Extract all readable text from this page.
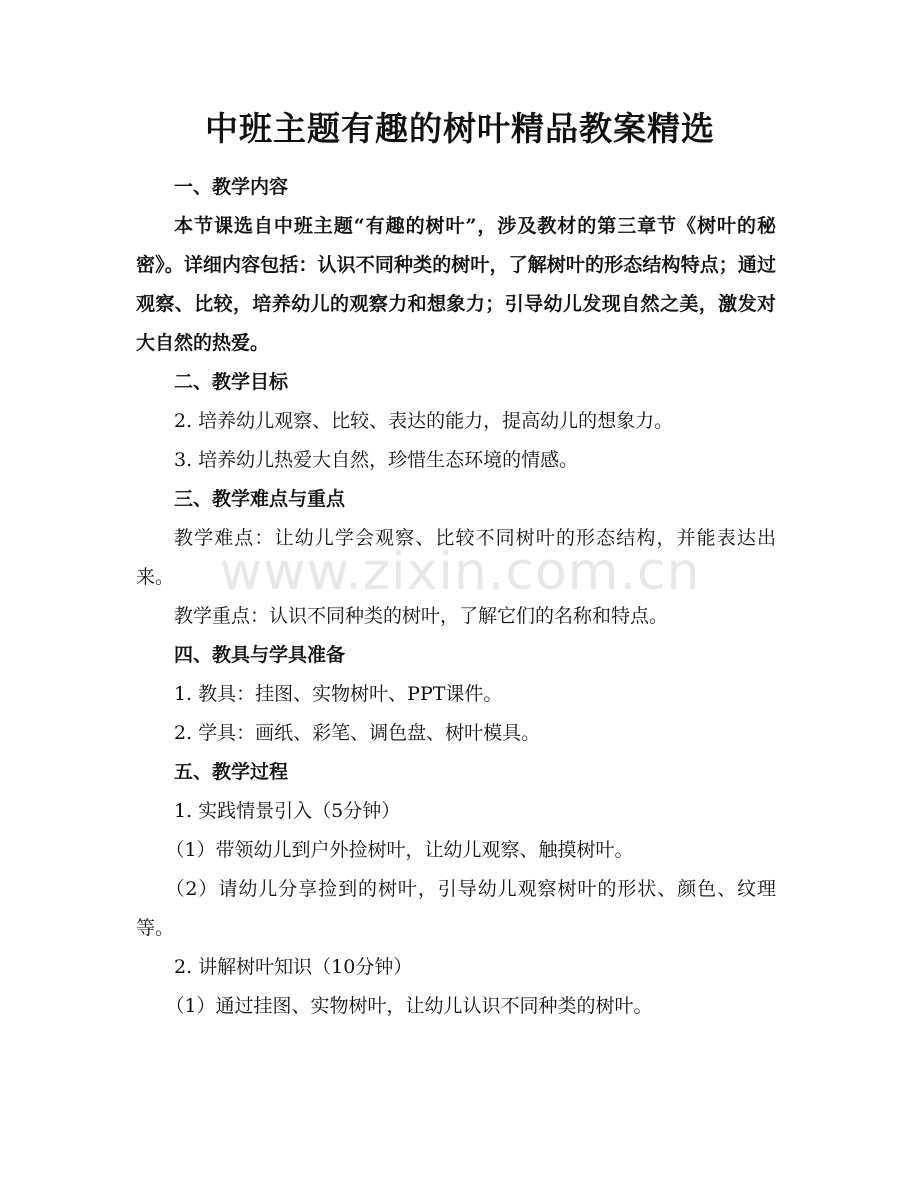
中班主题有趣的树叶精品教案精选

一、教学内容

本节课选自中班主题“有趣的树叶”，涉及教材的第三章节《树叶的秘密》。详细内容包括：认识不同种类的树叶，了解树叶的形态结构特点；通过观察、比较，培养幼儿的观察力和想象力；引导幼儿发现自然之美，激发对大自然的热爱。

二、教学目标

2. 培养幼儿观察、比较、表达的能力，提高幼儿的想象力。

3. 培养幼儿热爱大自然，珍惜生态环境的情感。

三、教学难点与重点

教学难点：让幼儿学会观察、比较不同树叶的形态结构，并能表达出来。

教学重点：认识不同种类的树叶，了解它们的名称和特点。

四、教具与学具准备

1. 教具：挂图、实物树叶、PPT课件。

2. 学具：画纸、彩笔、调色盘、树叶模具。

五、教学过程

1. 实践情景引入（5分钟）

（1）带领幼儿到户外捡树叶，让幼儿观察、触摸树叶。

（2）请幼儿分享捡到的树叶，引导幼儿观察树叶的形状、颜色、纹理等。

2. 讲解树叶知识（10分钟）

（1）通过挂图、实物树叶，让幼儿认识不同种类的树叶。

www.zixin.com.cn
